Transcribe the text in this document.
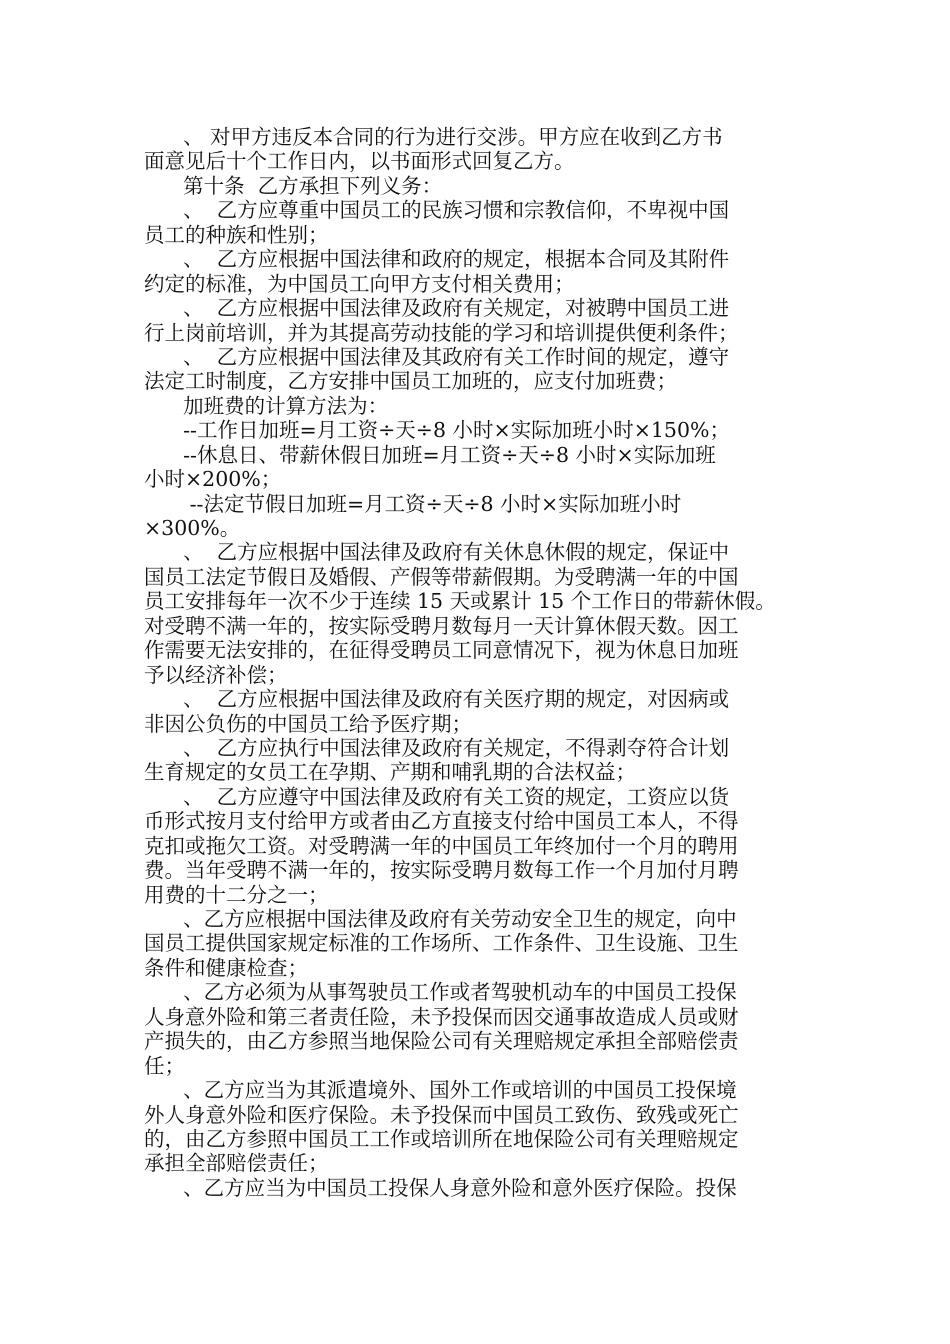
、 对甲方违反本合同的行为进行交涉。甲方应在收到乙方书
面意见后十个工作日内，以书面形式回复乙方。
第十条  乙方承担下列义务：
、  乙方应尊重中国员工的民族习惯和宗教信仰，不卑视中国
员工的种族和性别；
、  乙方应根据中国法律和政府的规定，根据本合同及其附件
约定的标准，为中国员工向甲方支付相关费用；
、  乙方应根据中国法律及政府有关规定，对被聘中国员工进
行上岗前培训，并为其提高劳动技能的学习和培训提供便利条件；
、  乙方应根据中国法律及其政府有关工作时间的规定，遵守
法定工时制度，乙方安排中国员工加班的，应支付加班费；
加班费的计算方法为：
--工作日加班=月工资÷天÷8 小时×实际加班小时×150%；
--休息日、带薪休假日加班=月工资÷天÷8 小时×实际加班
小时×200%；
--法定节假日加班=月工资÷天÷8 小时×实际加班小时
×300%。
、  乙方应根据中国法律及政府有关休息休假的规定，保证中
国员工法定节假日及婚假、产假等带薪假期。为受聘满一年的中国
员工安排每年一次不少于连续 15 天或累计 15 个工作日的带薪休假。
对受聘不满一年的，按实际受聘月数每月一天计算休假天数。因工
作需要无法安排的，在征得受聘员工同意情况下，视为休息日加班
予以经济补偿；
、  乙方应根据中国法律及政府有关医疗期的规定，对因病或
非因公负伤的中国员工给予医疗期；
、  乙方应执行中国法律及政府有关规定，不得剥夺符合计划
生育规定的女员工在孕期、产期和哺乳期的合法权益；
、  乙方应遵守中国法律及政府有关工资的规定，工资应以货
币形式按月支付给甲方或者由乙方直接支付给中国员工本人，不得
克扣或拖欠工资。对受聘满一年的中国员工年终加付一个月的聘用
费。当年受聘不满一年的，按实际受聘月数每工作一个月加付月聘
用费的十二分之一；
、乙方应根据中国法律及政府有关劳动安全卫生的规定，向中
国员工提供国家规定标准的工作场所、工作条件、卫生设施、卫生
条件和健康检查；
、乙方必须为从事驾驶员工作或者驾驶机动车的中国员工投保
人身意外险和第三者责任险，未予投保而因交通事故造成人员或财
产损失的，由乙方参照当地保险公司有关理赔规定承担全部赔偿责
任；
、乙方应当为其派遣境外、国外工作或培训的中国员工投保境
外人身意外险和医疗保险。未予投保而中国员工致伤、致残或死亡
的，由乙方参照中国员工工作或培训所在地保险公司有关理赔规定
承担全部赔偿责任；
、乙方应当为中国员工投保人身意外险和意外医疗保险。投保
